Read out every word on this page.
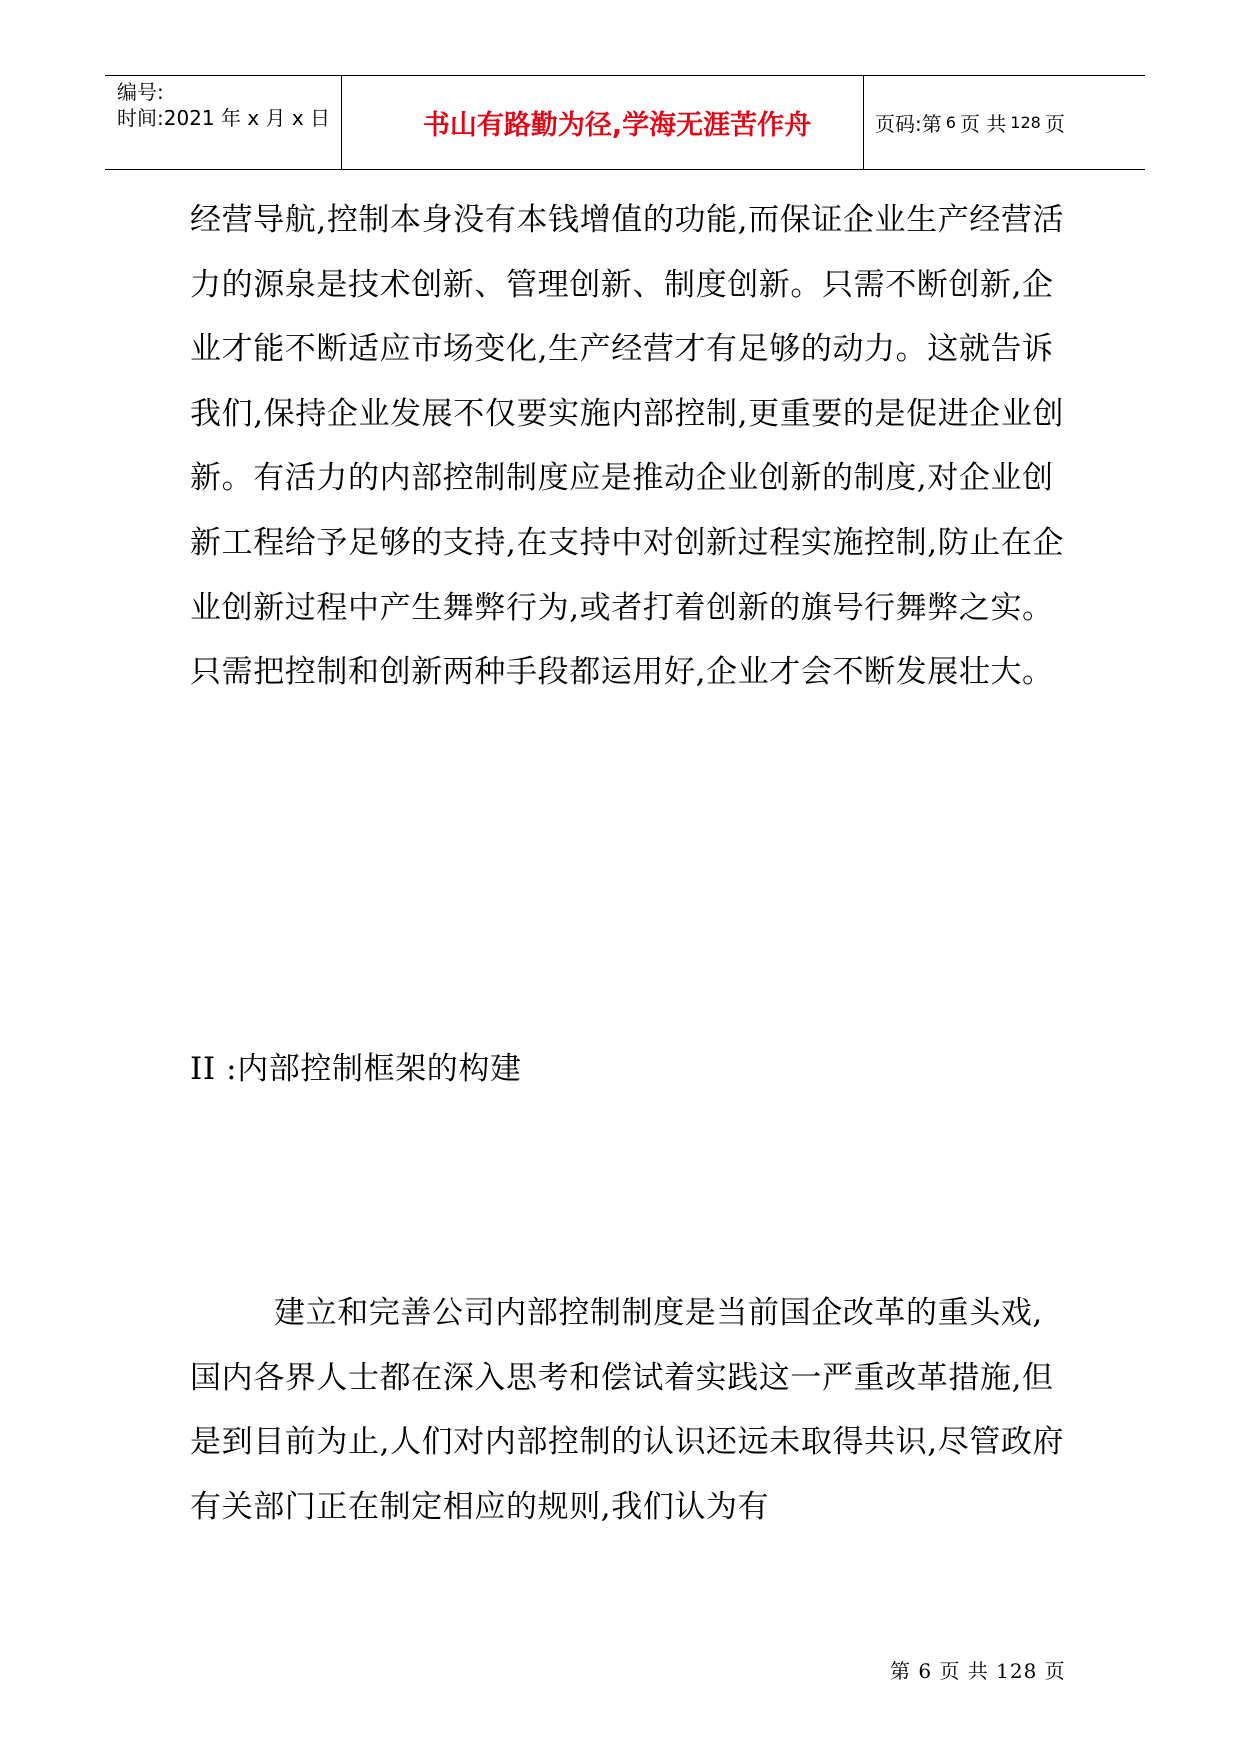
编号:
时间:2021 年 x 月 x 日	书山有路勤为径,学海无涯苦作舟	页码:第 6 页 共 128 页

经营导航,控制本身没有本钱增值的功能,而保证企业生产经营活力的源泉是技术创新、管理创新、制度创新。只需不断创新,企业才能不断适应市场变化,生产经营才有足够的动力。这就告诉我们,保持企业发展不仅要实施内部控制,更重要的是促进企业创新。有活力的内部控制制度应是推动企业创新的制度,对企业创新工程给予足够的支持,在支持中对创新过程实施控制,防止在企业创新过程中产生舞弊行为,或者打着创新的旗号行舞弊之实。只需把控制和创新两种手段都运用好,企业才会不断发展壮大。

II :内部控制框架的构建

建立和完善公司内部控制制度是当前国企改革的重头戏,国内各界人士都在深入思考和偿试着实践这一严重改革措施,但是到目前为止,人们对内部控制的认识还远未取得共识,尽管政府有关部门正在制定相应的规则,我们认为有

第 6 页 共 128 页
